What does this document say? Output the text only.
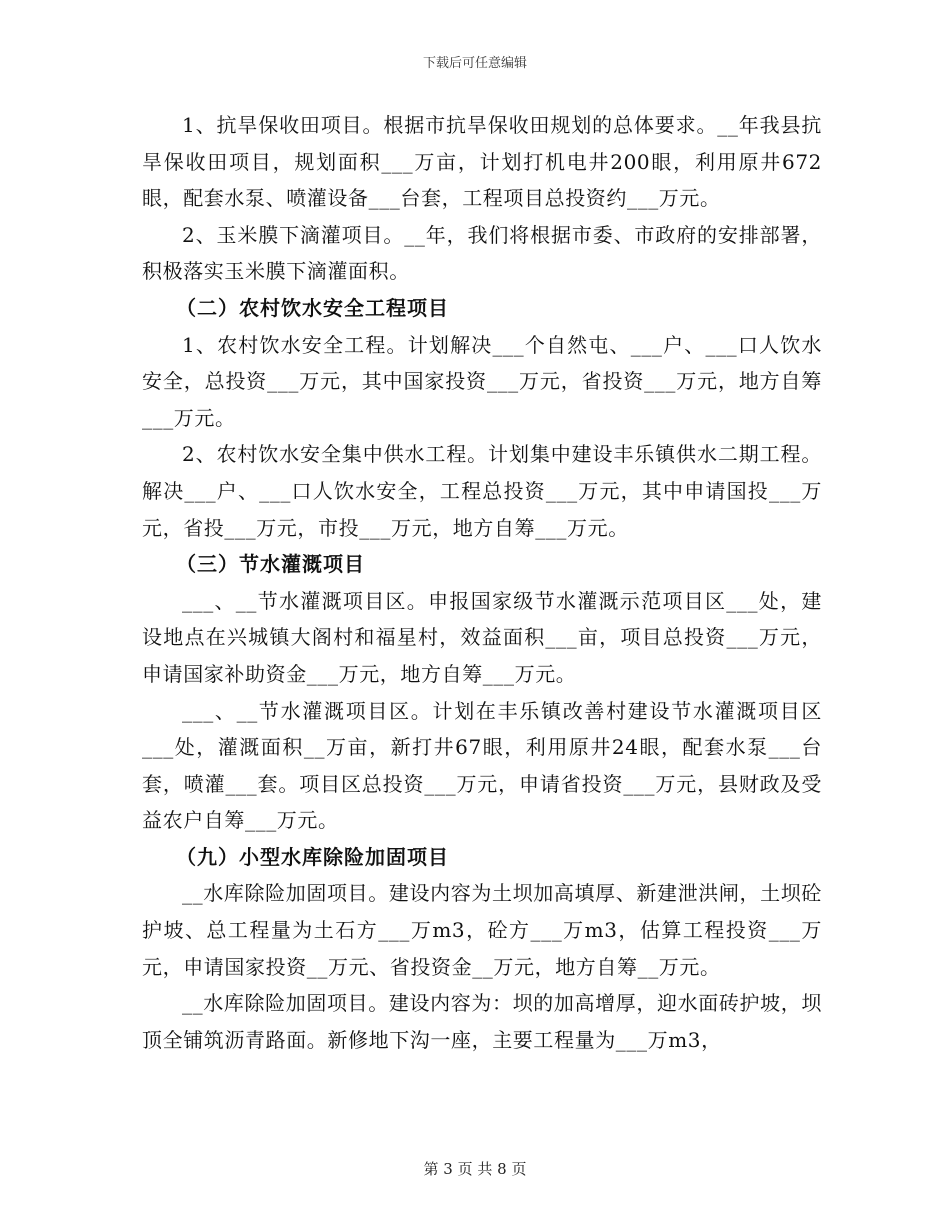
下载后可任意编辑

1、抗旱保收田项目。根据市抗旱保收田规划的总体要求。__年我县抗旱保收田项目，规划面积___万亩，计划打机电井200眼，利用原井672眼，配套水泵、喷灌设备___台套，工程项目总投资约___万元。

2、玉米膜下滴灌项目。__年，我们将根据市委、市政府的安排部署，积极落实玉米膜下滴灌面积。

（二）农村饮水安全工程项目

1、农村饮水安全工程。计划解决___个自然屯、___户、___口人饮水安全，总投资___万元，其中国家投资___万元，省投资___万元，地方自筹___万元。

2、农村饮水安全集中供水工程。计划集中建设丰乐镇供水二期工程。解决___户、___口人饮水安全，工程总投资___万元，其中申请国投___万元，省投___万元，市投___万元，地方自筹___万元。

（三）节水灌溉项目

___、__节水灌溉项目区。申报国家级节水灌溉示范项目区___处，建设地点在兴城镇大阁村和福星村，效益面积___亩，项目总投资___万元，申请国家补助资金___万元，地方自筹___万元。

___、__节水灌溉项目区。计划在丰乐镇改善村建设节水灌溉项目区___处，灌溉面积__万亩，新打井67眼，利用原井24眼，配套水泵___台套，喷灌___套。项目区总投资___万元，申请省投资___万元，县财政及受益农户自筹___万元。

（九）小型水库除险加固项目

__水库除险加固项目。建设内容为土坝加高填厚、新建泄洪闸，土坝砼护坡、总工程量为土石方___万m3，砼方___万m3，估算工程投资___万元，申请国家投资__万元、省投资金__万元，地方自筹__万元。

__水库除险加固项目。建设内容为：坝的加高增厚，迎水面砖护坡，坝顶全铺筑沥青路面。新修地下沟一座，主要工程量为___万m3，

第 3 页 共 8 页
